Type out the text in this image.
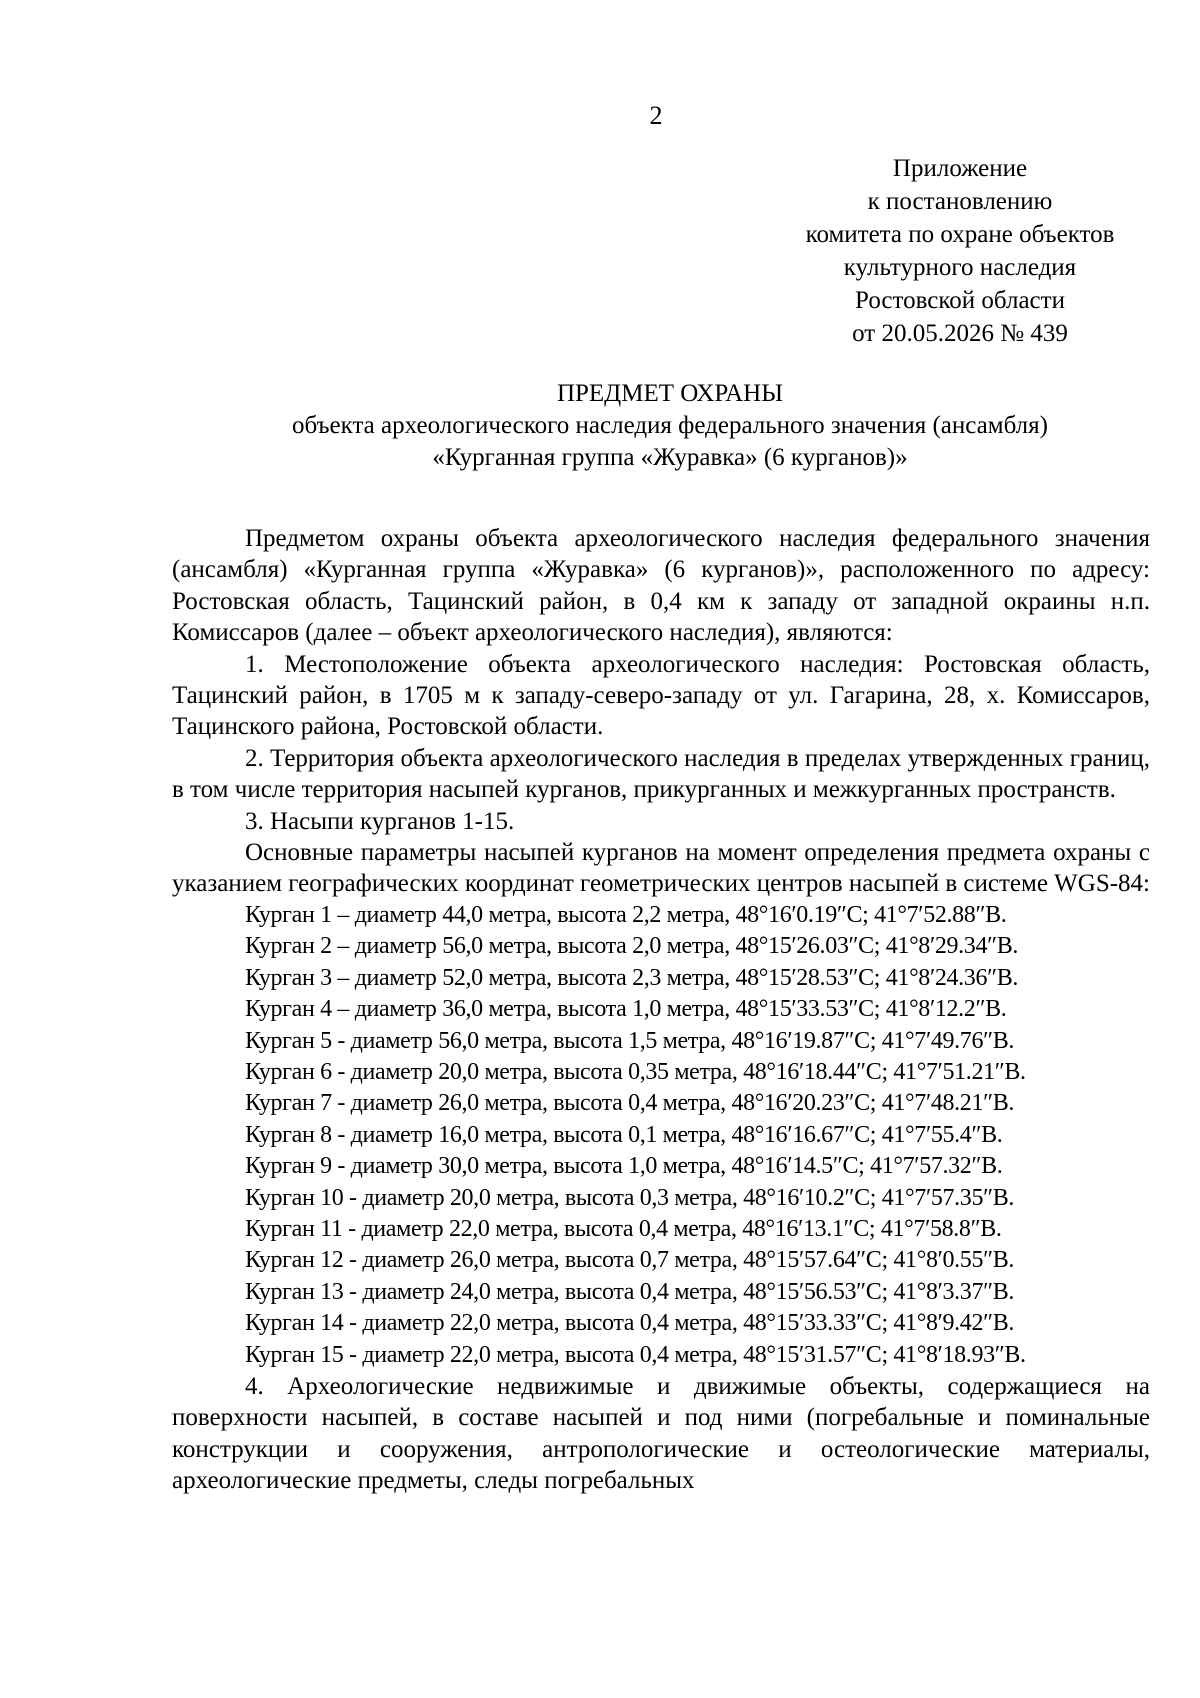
2
Приложение
к постановлению
комитета по охране объектов
культурного наследия
Ростовской области
от 20.05.2026 № 439
ПРЕДМЕТ ОХРАНЫ
объекта археологического наследия федерального значения (ансамбля)
«Курганная группа «Журавка» (6 курганов)»

Предметом охраны объекта археологического наследия федерального значения (ансамбля) «Курганная группа «Журавка» (6 курганов)», расположенного по адресу: Ростовская область, Тацинский район, в 0,4 км к западу от западной окраины н.п. Комиссаров (далее – объект археологического наследия), являются:

1. Местоположение объекта археологического наследия: Ростовская область, Тацинский район, в 1705 м к западу-северо-западу от ул. Гагарина, 28, х. Комиссаров, Тацинского района, Ростовской области.

2. Территория объекта археологического наследия в пределах утвержденных границ, в том числе территория насыпей курганов, прикурганных и межкурганных пространств.

3. Насыпи курганов 1-15.

Основные параметры насыпей курганов на момент определения предмета охраны с указанием географических координат геометрических центров насыпей в системе WGS-84:

Курган 1 – диаметр 44,0 метра, высота 2,2 метра, 48°16′0.19″С; 41°7′52.88″В.
Курган 2 – диаметр 56,0 метра, высота 2,0 метра, 48°15′26.03″С; 41°8′29.34″В.
Курган 3 – диаметр 52,0 метра, высота 2,3 метра, 48°15′28.53″С; 41°8′24.36″В.
Курган 4 – диаметр 36,0 метра, высота 1,0 метра, 48°15′33.53″С; 41°8′12.2″В.
Курган 5 - диаметр 56,0 метра, высота 1,5 метра, 48°16′19.87″С; 41°7′49.76″В.
Курган 6 - диаметр 20,0 метра, высота 0,35 метра, 48°16′18.44″С; 41°7′51.21″В.
Курган 7 - диаметр 26,0 метра, высота 0,4 метра, 48°16′20.23″С; 41°7′48.21″В.
Курган 8 - диаметр 16,0 метра, высота 0,1 метра, 48°16′16.67″С; 41°7′55.4″В.
Курган 9 - диаметр 30,0 метра, высота 1,0 метра, 48°16′14.5″С; 41°7′57.32″В.
Курган 10 - диаметр 20,0 метра, высота 0,3 метра, 48°16′10.2″С; 41°7′57.35″В.
Курган 11 - диаметр 22,0 метра, высота 0,4 метра, 48°16′13.1″С; 41°7′58.8″В.
Курган 12 - диаметр 26,0 метра, высота 0,7 метра, 48°15′57.64″С; 41°8′0.55″В.
Курган 13 - диаметр 24,0 метра, высота 0,4 метра, 48°15′56.53″С; 41°8′3.37″В.
Курган 14 - диаметр 22,0 метра, высота 0,4 метра, 48°15′33.33″С; 41°8′9.42″В.
Курган 15 - диаметр 22,0 метра, высота 0,4 метра, 48°15′31.57″С; 41°8′18.93″В.

4. Археологические недвижимые и движимые объекты, содержащиеся на поверхности насыпей, в составе насыпей и под ними (погребальные и поминальные конструкции и сооружения, антропологические и остеологические материалы, археологические предметы, следы погребальных
